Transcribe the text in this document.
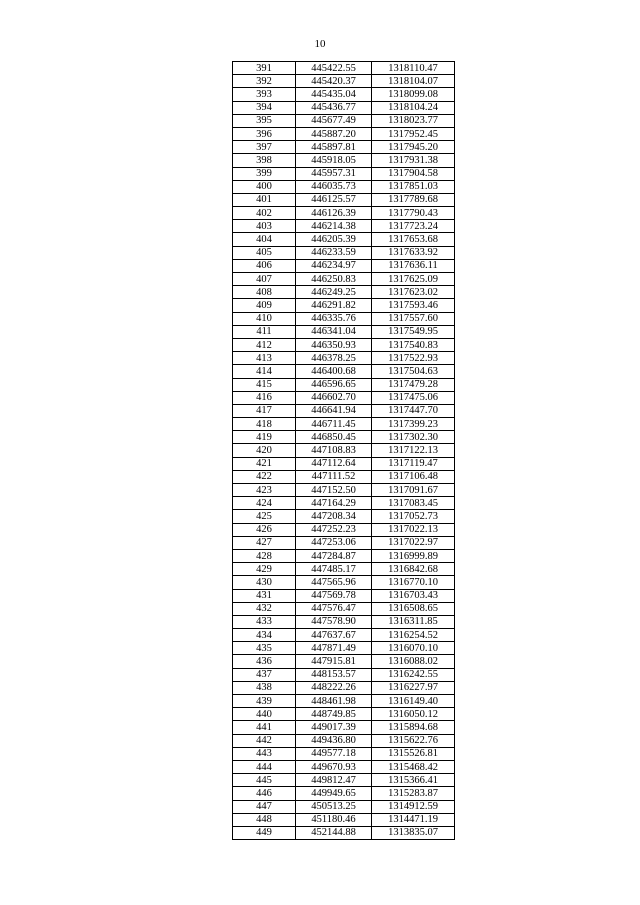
10
391	445422.55	1318110.47
392	445420.37	1318104.07
393	445435.04	1318099.08
394	445436.77	1318104.24
395	445677.49	1318023.77
396	445887.20	1317952.45
397	445897.81	1317945.20
398	445918.05	1317931.38
399	445957.31	1317904.58
400	446035.73	1317851.03
401	446125.57	1317789.68
402	446126.39	1317790.43
403	446214.38	1317723.24
404	446205.39	1317653.68
405	446233.59	1317633.92
406	446234.97	1317636.11
407	446250.83	1317625.09
408	446249.25	1317623.02
409	446291.82	1317593.46
410	446335.76	1317557.60
411	446341.04	1317549.95
412	446350.93	1317540.83
413	446378.25	1317522.93
414	446400.68	1317504.63
415	446596.65	1317479.28
416	446602.70	1317475.06
417	446641.94	1317447.70
418	446711.45	1317399.23
419	446850.45	1317302.30
420	447108.83	1317122.13
421	447112.64	1317119.47
422	447111.52	1317106.48
423	447152.50	1317091.67
424	447164.29	1317083.45
425	447208.34	1317052.73
426	447252.23	1317022.13
427	447253.06	1317022.97
428	447284.87	1316999.89
429	447485.17	1316842.68
430	447565.96	1316770.10
431	447569.78	1316703.43
432	447576.47	1316508.65
433	447578.90	1316311.85
434	447637.67	1316254.52
435	447871.49	1316070.10
436	447915.81	1316088.02
437	448153.57	1316242.55
438	448222.26	1316227.97
439	448461.98	1316149.40
440	448749.85	1316050.12
441	449017.39	1315894.68
442	449436.80	1315622.76
443	449577.18	1315526.81
444	449670.93	1315468.42
445	449812.47	1315366.41
446	449949.65	1315283.87
447	450513.25	1314912.59
448	451180.46	1314471.19
449	452144.88	1313835.07
